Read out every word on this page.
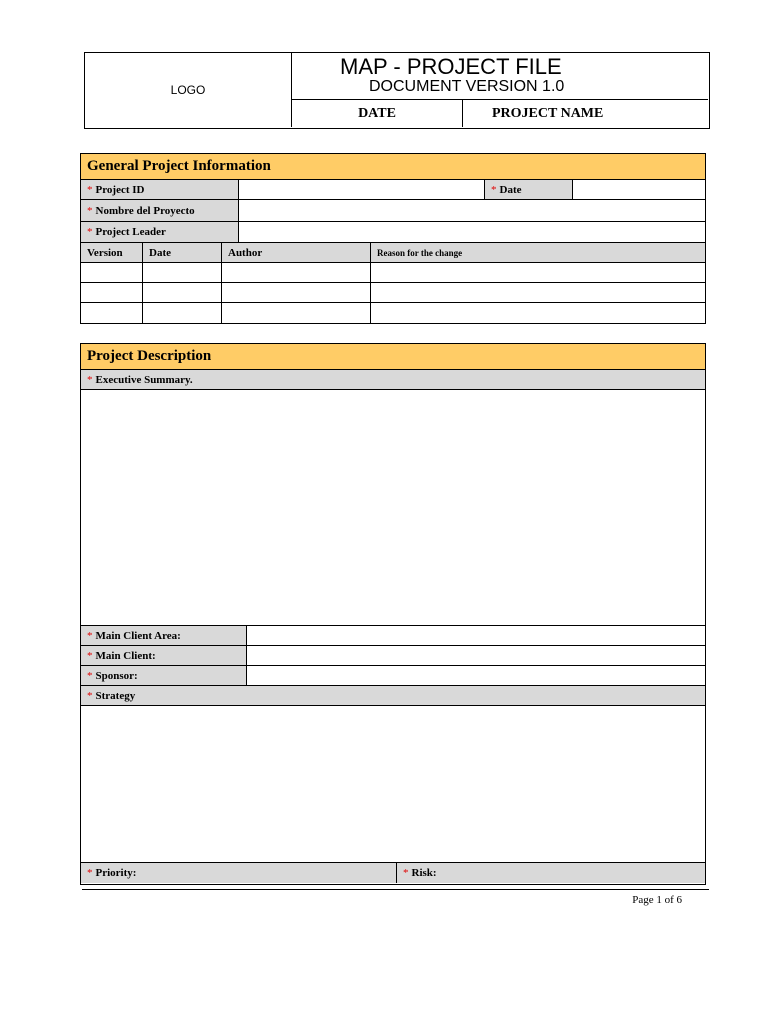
LOGO
MAP - PROJECT FILE
DOCUMENT VERSION 1.0
DATE	PROJECT NAME
General Project Information
* Project ID	* Date
* Nombre del Proyecto
* Project Leader
Version	Date	Author	Reason for the change
Project Description
* Executive Summary.
* Main Client Area:
* Main Client:
* Sponsor:
* Strategy
* Priority:	* Risk:
Page 1 of 6
